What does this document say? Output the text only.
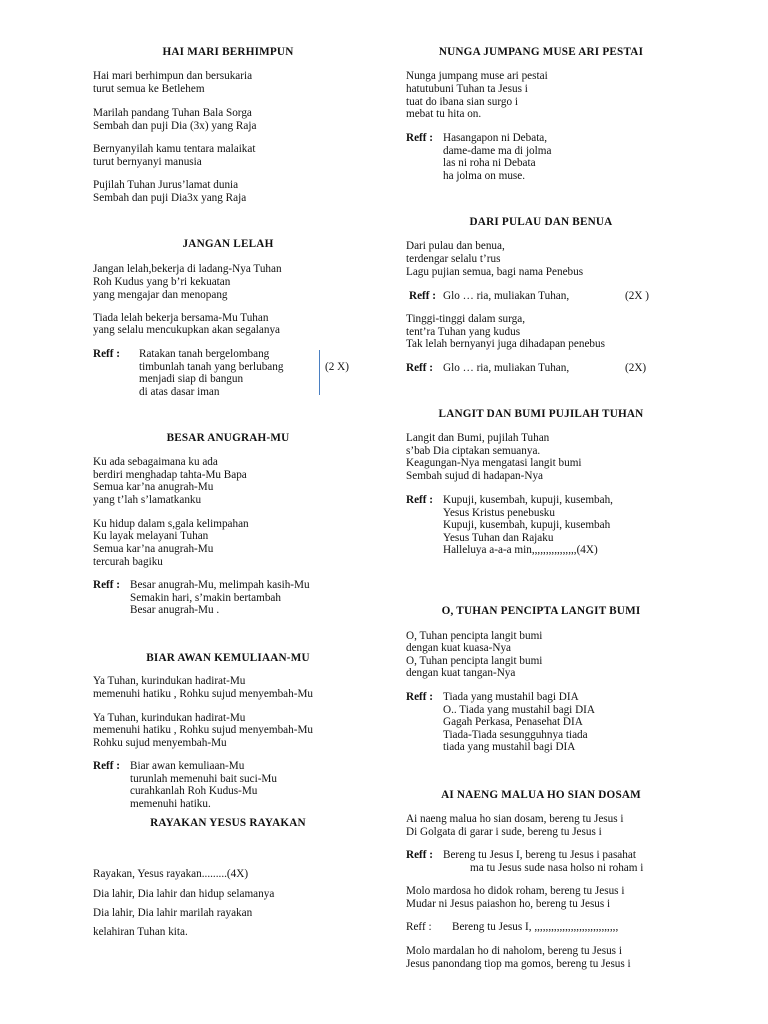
HAI MARI BERHIMPUN
Hai mari berhimpun dan bersukaria
turut semua ke Betlehem
Marilah pandang Tuhan Bala Sorga
Sembah dan puji Dia (3x) yang Raja
Bernyanyilah kamu tentara malaikat
turut bernyanyi manusia
Pujilah Tuhan Jurus’lamat dunia
Sembah dan puji Dia3x yang Raja
JANGAN LELAH
Jangan lelah,bekerja di ladang-Nya Tuhan
Roh Kudus yang b’ri kekuatan
yang mengajar dan menopang
Tiada lelah bekerja bersama-Mu Tuhan
yang selalu mencukupkan akan segalanya
Reff : Ratakan tanah bergelombang
timbunlah tanah yang berlubang
menjadi siap di bangun
di atas dasar iman
(2 X)
BESAR ANUGRAH-MU
Ku ada sebagaimana ku ada
berdiri menghadap tahta-Mu Bapa
Semua kar’na anugrah-Mu
yang t’lah s’lamatkanku
Ku hidup dalam s,gala kelimpahan
Ku layak melayani Tuhan
Semua kar’na anugrah-Mu
tercurah bagiku
Reff : Besar anugrah-Mu, melimpah kasih-Mu
Semakin hari, s’makin bertambah
Besar anugrah-Mu .
BIAR AWAN KEMULIAAN-MU
Ya Tuhan, kurindukan hadirat-Mu
memenuhi hatiku , Rohku sujud menyembah-Mu
Ya Tuhan, kurindukan hadirat-Mu
memenuhi hatiku , Rohku sujud menyembah-Mu
Rohku sujud menyembah-Mu
Reff : Biar awan kemuliaan-Mu
turunlah memenuhi bait suci-Mu
curahkanlah Roh Kudus-Mu
memenuhi hatiku.
RAYAKAN YESUS RAYAKAN
Rayakan, Yesus rayakan.........(4X)
Dia lahir, Dia lahir dan hidup selamanya
Dia lahir, Dia lahir marilah rayakan
kelahiran Tuhan kita.
NUNGA JUMPANG MUSE ARI PESTAI
Nunga jumpang muse ari pestai
hatutubuni Tuhan ta Jesus i
tuat do ibana sian surgo i
mebat tu hita on.
Reff : Hasangapon ni Debata,
dame-dame ma di jolma
las ni roha ni Debata
ha jolma on muse.
DARI PULAU DAN BENUA
Dari pulau dan benua,
terdengar selalu t’rus
Lagu pujian semua, bagi nama Penebus
Reff : Glo … ria, muliakan Tuhan,	(2X )
Tinggi-tinggi dalam surga,
tent’ra Tuhan yang kudus
Tak lelah bernyanyi juga dihadapan penebus
Reff : Glo … ria, muliakan Tuhan,	(2X)
LANGIT DAN BUMI PUJILAH TUHAN
Langit dan Bumi, pujilah Tuhan
s’bab Dia ciptakan semuanya.
Keagungan-Nya mengatasi langit bumi
Sembah sujud di hadapan-Nya
Reff : Kupuji, kusembah, kupuji, kusembah,
Yesus Kristus penebusku
Kupuji, kusembah, kupuji, kusembah
Yesus Tuhan dan Rajaku
Halleluya a-a-a min,,,,,,,,,,,,,,,,(4X)
O, TUHAN PENCIPTA LANGIT BUMI
O, Tuhan pencipta langit bumi
dengan kuat kuasa-Nya
O, Tuhan pencipta langit bumi
dengan kuat tangan-Nya
Reff : Tiada yang mustahil bagi DIA
O.. Tiada yang mustahil bagi DIA
Gagah Perkasa, Penasehat DIA
Tiada-Tiada sesungguhnya tiada
tiada yang mustahil bagi DIA
AI NAENG MALUA HO SIAN DOSAM
Ai naeng malua ho sian dosam, bereng tu Jesus i
Di Golgata di garar i sude, bereng tu Jesus i
Reff : Bereng tu Jesus I, bereng tu Jesus i pasahat
ma tu Jesus sude nasa holso ni roham i
Molo mardosa ho didok roham, bereng tu Jesus i
Mudar ni Jesus paiashon ho, bereng tu Jesus i
Reff : Bereng tu Jesus I, ,,,,,,,,,,,,,,,,,,,,,,,,,,,,,,
Molo mardalan ho di naholom, bereng tu Jesus i
Jesus panondang tiop ma gomos, bereng tu Jesus i
